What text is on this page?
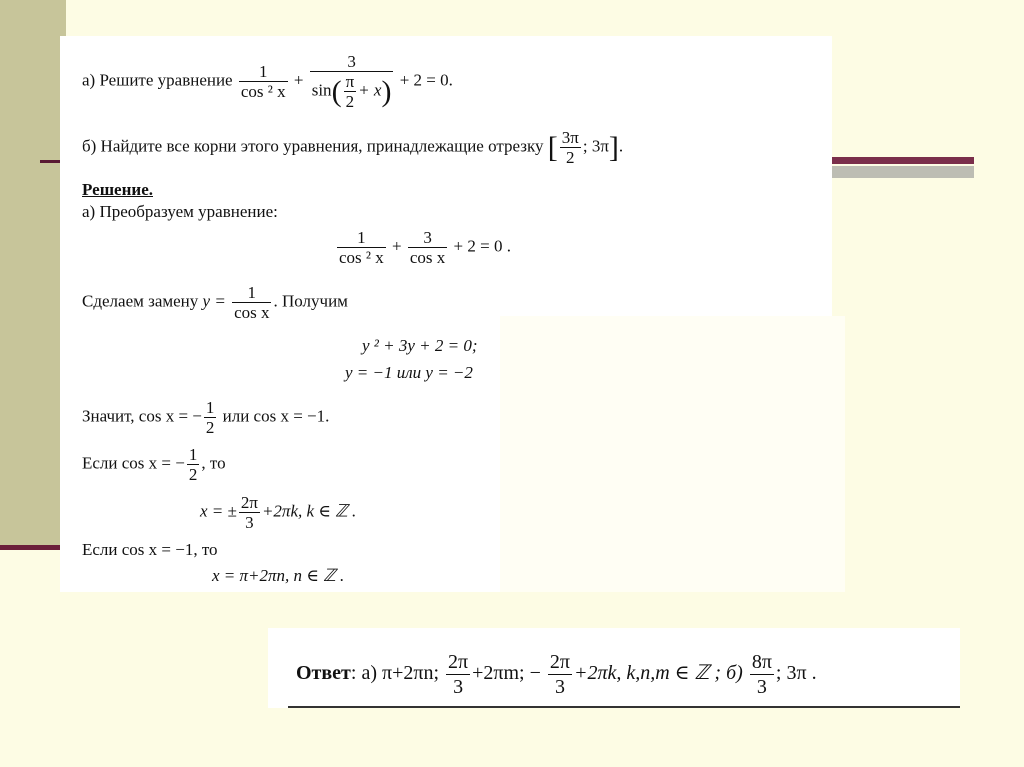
а) Решите уравнение $\frac{1}{\text{cos ² x}} + \frac{3}{\sin( \frac{\pi}{2} + x)} + 2 = 0$.
б) Найдите все корни этого уравнения, принадлежащие отрезку [ $\frac{3\pi}{2}$ ; 3π].
Решение.
а) Преобразуем уравнение:
$\frac{1}{\text{cos ² x}} + \frac{3}{\text{cos x}} + 2 = 0$ .
Сделаем замену $y = \frac{1}{\text{cos x}}$ . Получим
y ² + 3y + 2 = 0;
y = −1 или y = −2
Значит, cos x = − $\frac{1}{2}$ или cos x = −1.
Если cos x = − $\frac{1}{2}$ , то
x = ± $\frac{2\pi}{3} +2\pi k$, k ∈ ℤ .
Если cos x = −1, то
x = π+2πn, n ∈ ℤ .
Ответ: а) π+2πn; $\frac{2\pi}{3} +2\pi m$; − $\frac{2\pi}{3} +2\pi k$, k,n,m ∈ ℤ ; $б) \frac{8\pi}{3}$ ; 3π .
